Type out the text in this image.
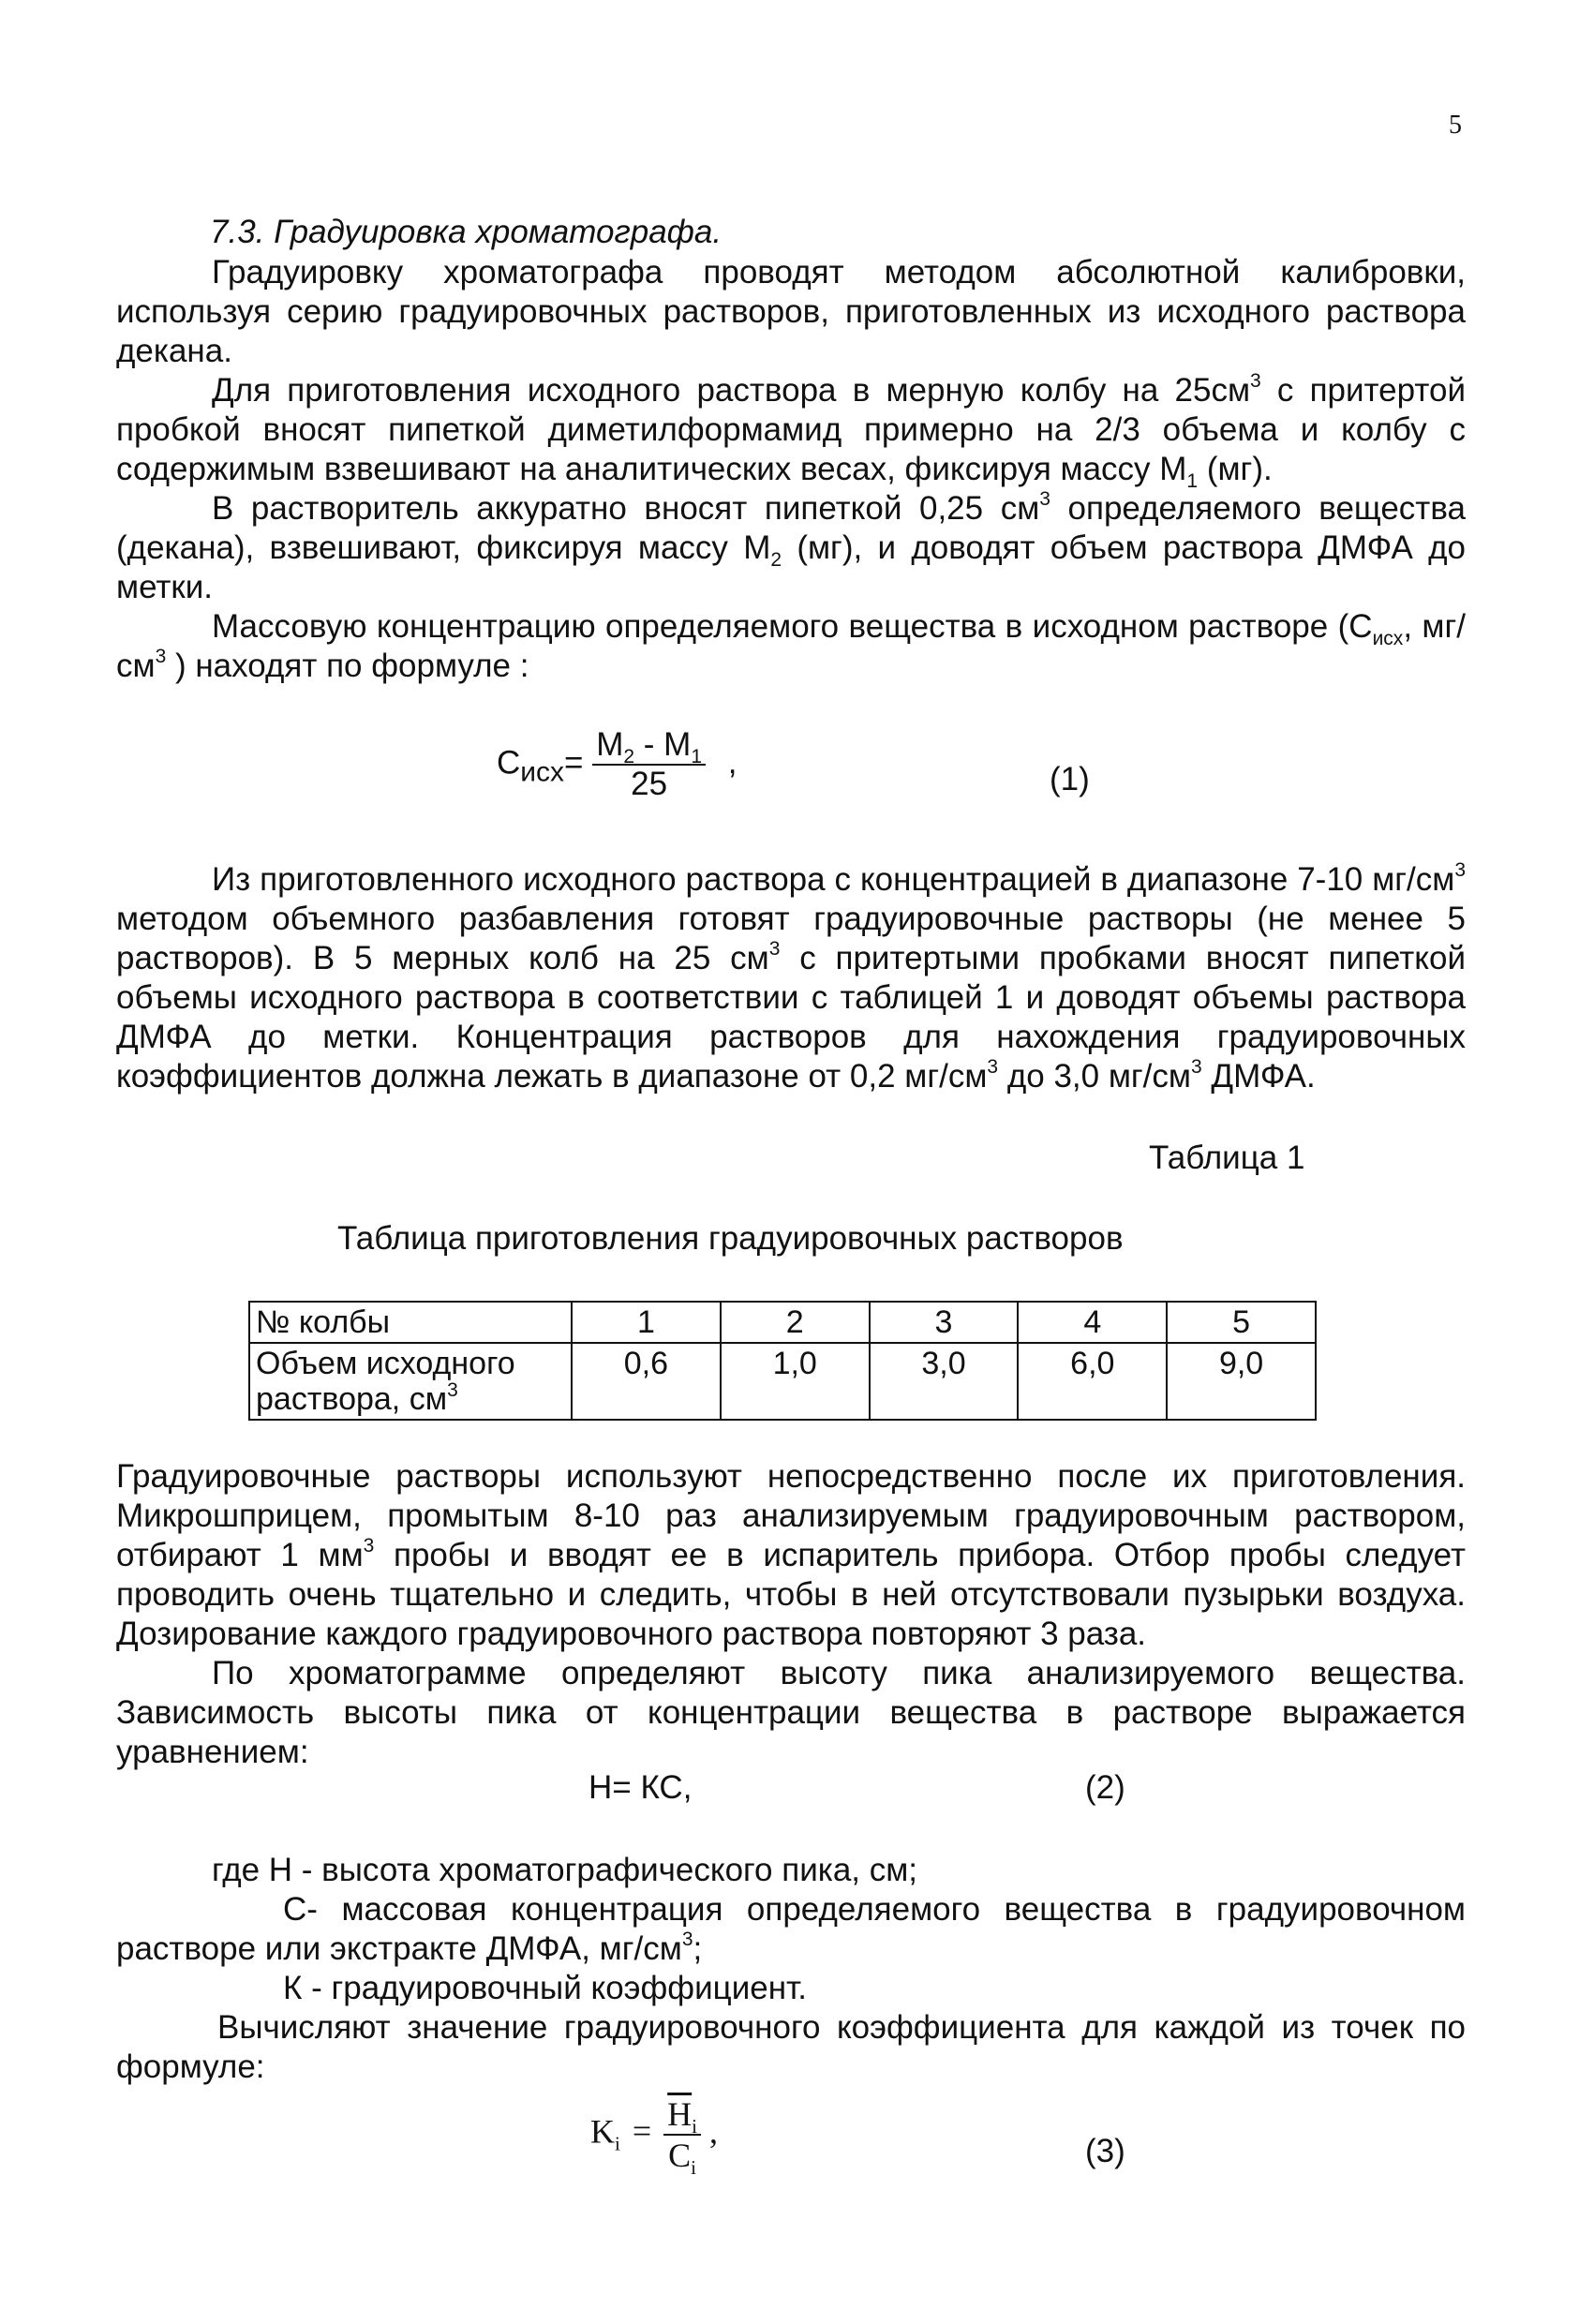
5
7.3. Градуировка хроматографа.

Градуировку хроматографа проводят методом абсолютной калибровки, используя серию градуировочных растворов, приготовленных из исходного раствора декана.

Для приготовления исходного раствора в мерную колбу на $25см^3$ с притертой пробкой вносят пипеткой диметилформамид примерно на 2/3 объема и колбу с содержимым взвешивают на аналитических весах, фиксируя массу $М_1$ (мг).

В растворитель аккуратно вносят пипеткой 0,25 $см^3$ определяемого вещества (декана), взвешивают, фиксируя массу $М_2$ (мг), и доводят объем раствора ДМФА до метки.

Массовую концентрацию определяемого вещества в исходном растворе ($С_{исх}$, $мг/см^3$ ) находят по формуле :

$С_{исх}= \frac{М_2 - М_1}{25}$ ,	(1)

Из приготовленного исходного раствора с концентрацией в диапазоне 7-10 $мг/см^3$ методом объемного разбавления готовят градуировочные растворы (не менее 5 растворов). В 5 мерных колб на 25 $см^3$ с притертыми пробками вносят пипеткой объемы исходного раствора в соответствии с таблицей 1 и доводят объемы раствора ДМФА до метки. Концентрация растворов для нахождения градуировочных коэффициентов должна лежать в диапазоне от 0,2 $мг/см^3$ до 3,0 $мг/см^3$ ДМФА.

Таблица 1
Таблица приготовления градуировочных растворов
№ колбы	1	2	3	4	5
Объем исходного раствора, $см^3$	0,6	1,0	3,0	6,0	9,0

Градуировочные растворы используют непосредственно после их приготовления. Микрошприцем, промытым 8-10 раз анализируемым градуировочным раствором, отбирают 1 $мм^3$ пробы и вводят ее в испаритель прибора. Отбор пробы следует проводить очень тщательно и следить, чтобы в ней отсутствовали пузырьки воздуха. Дозирование каждого градуировочного раствора повторяют 3 раза.

По хроматограмме определяют высоту пика анализируемого вещества. Зависимость высоты пика от концентрации вещества в растворе выражается уравнением:

Н= КС,	(2)

где Н - высота хроматографического пика, см;

С- массовая концентрация определяемого вещества в градуировочном растворе или экстракте ДМФА, $мг/см^3$;

К - градуировочный коэффициент.

Вычисляют значение градуировочного коэффициента для каждой из точек по формуле:

$K_i = \frac{\overline{H}_i}{C_i}$ ,
(3)
